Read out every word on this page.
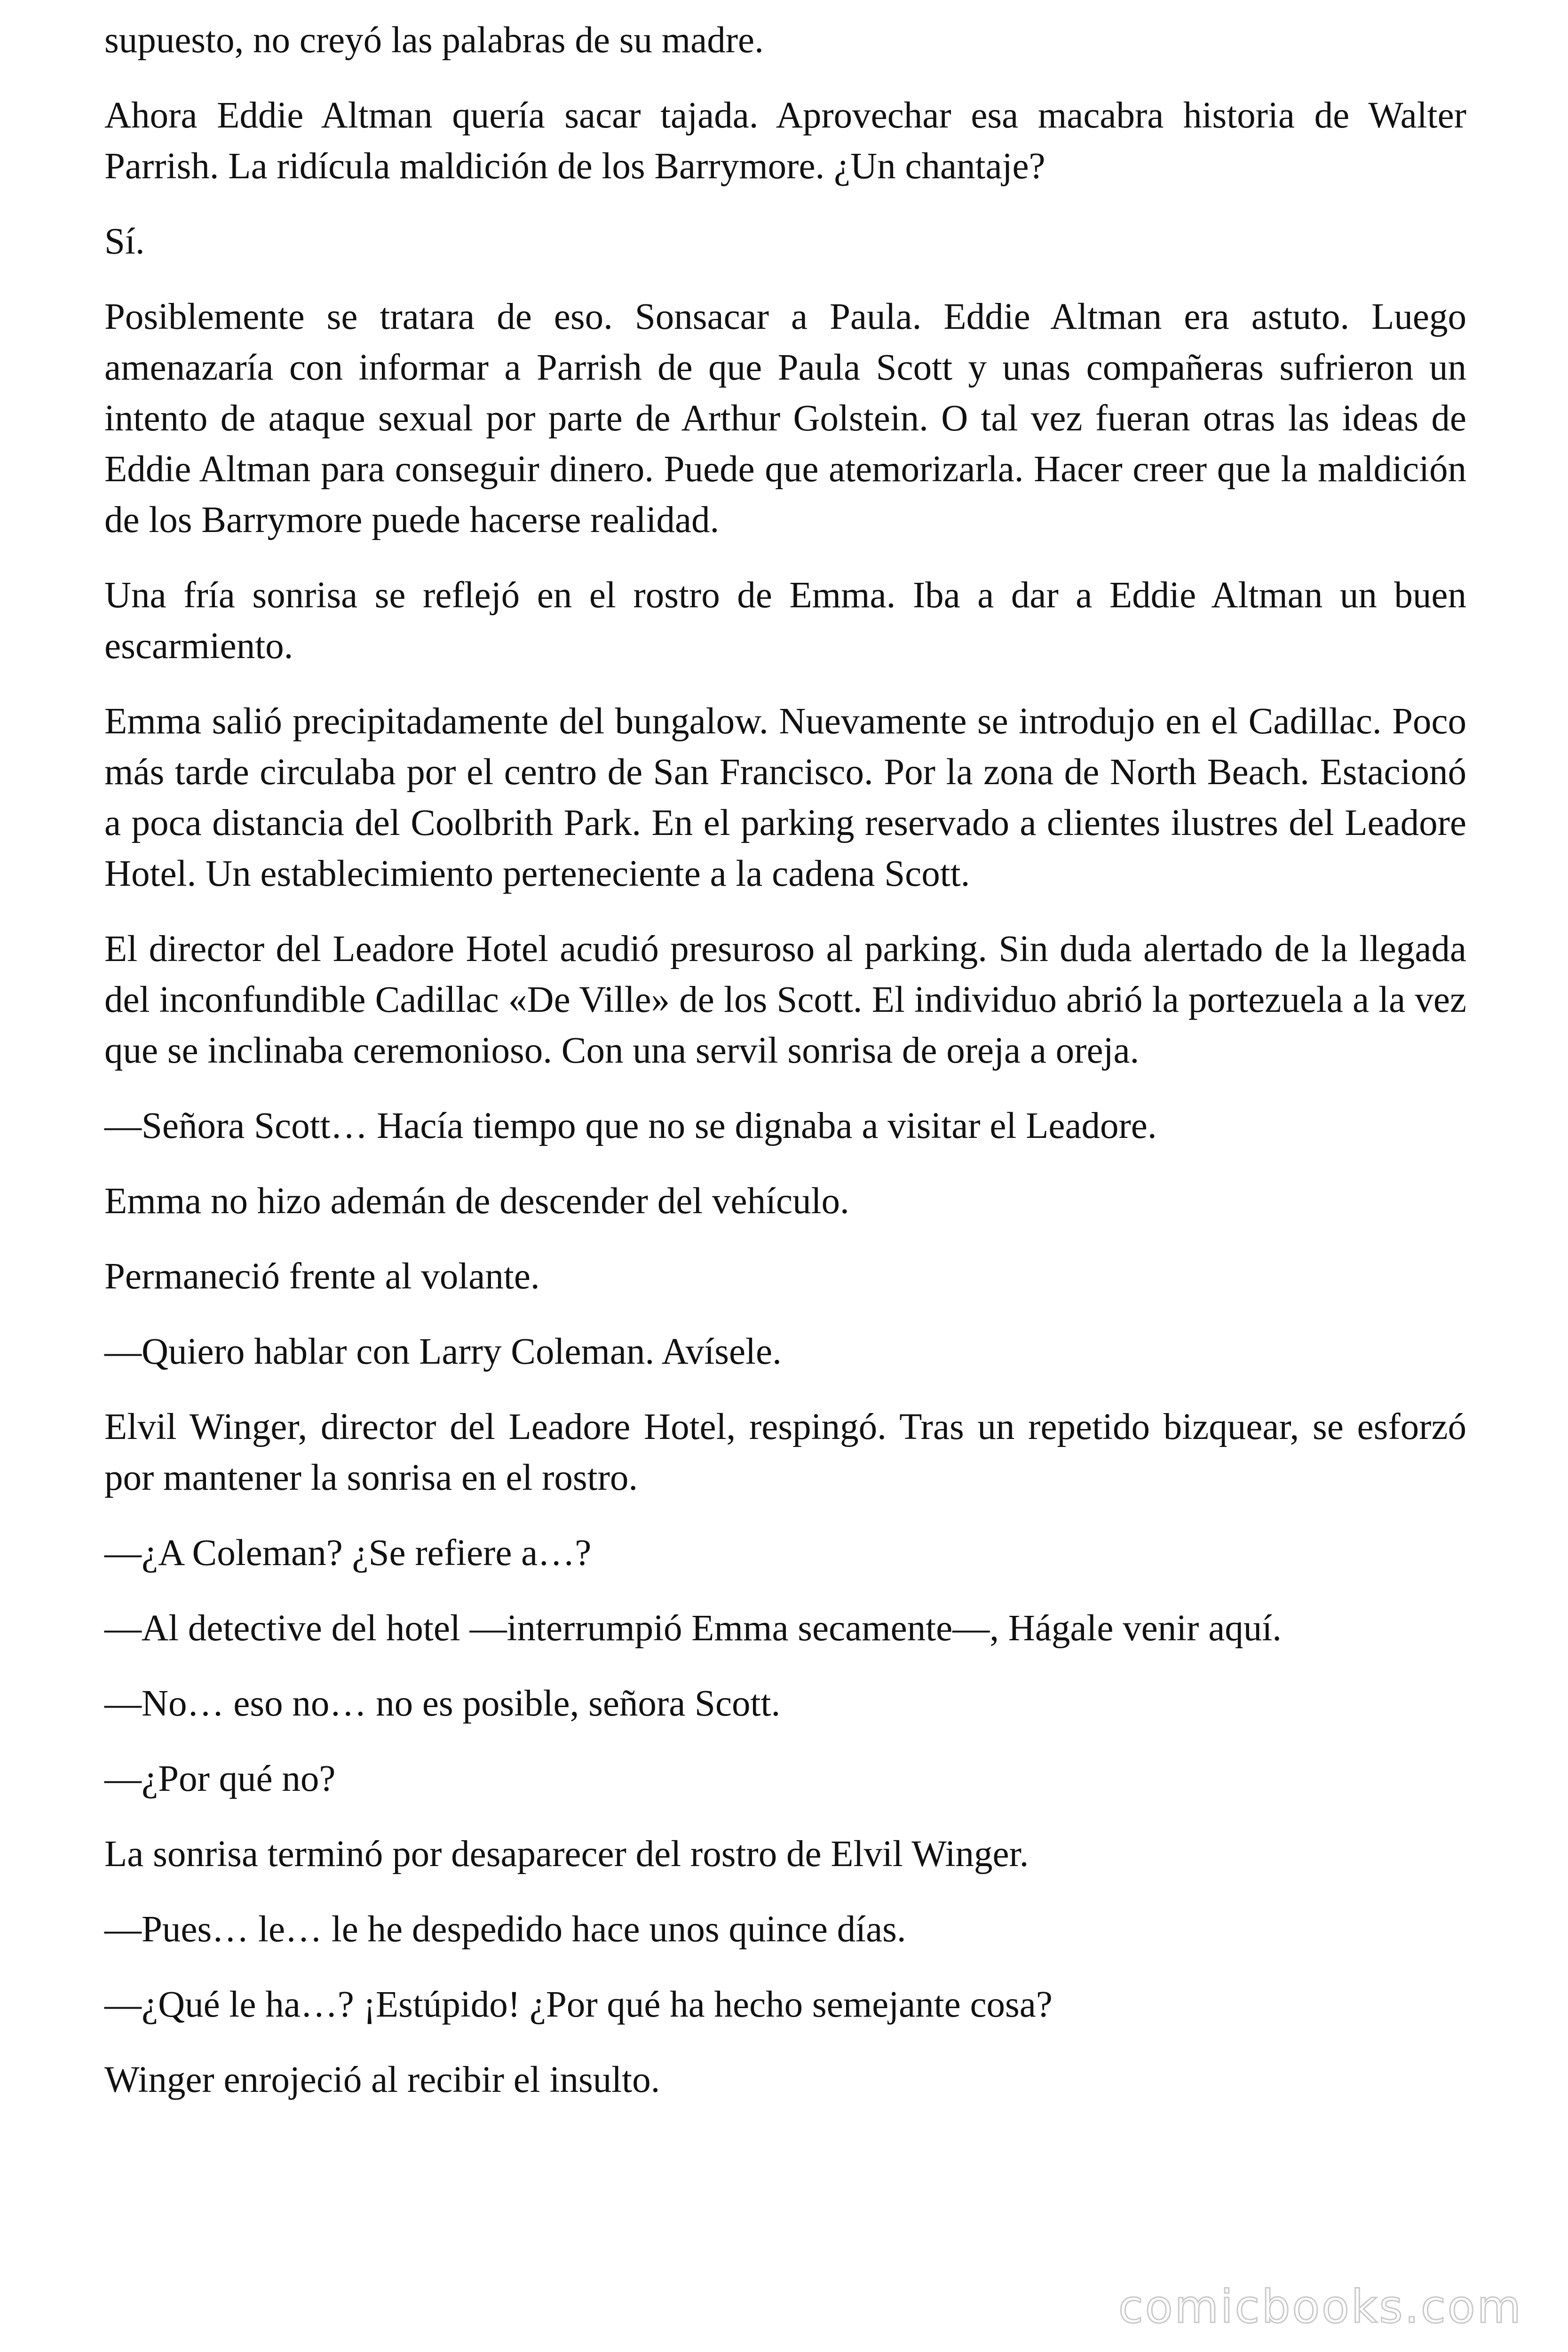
supuesto, no creyó las palabras de su madre.

Ahora Eddie Altman quería sacar tajada. Aprovechar esa macabra historia de Walter Parrish. La ridícula maldición de los Barrymore. ¿Un chantaje?

Sí.

Posiblemente se tratara de eso. Sonsacar a Paula. Eddie Altman era astuto. Luego amenazaría con informar a Parrish de que Paula Scott y unas compañeras sufrieron un intento de ataque sexual por parte de Arthur Golstein. O tal vez fueran otras las ideas de Eddie Altman para conseguir dinero. Puede que atemorizarla. Hacer creer que la maldición de los Barrymore puede hacerse realidad.

Una fría sonrisa se reflejó en el rostro de Emma. Iba a dar a Eddie Altman un buen escarmiento.

Emma salió precipitadamente del bungalow. Nuevamente se introdujo en el Cadillac. Poco más tarde circulaba por el centro de San Francisco. Por la zona de North Beach. Estacionó a poca distancia del Coolbrith Park. En el parking reservado a clientes ilustres del Leadore Hotel. Un establecimiento perteneciente a la cadena Scott.

El director del Leadore Hotel acudió presuroso al parking. Sin duda alertado de la llegada del inconfundible Cadillac «De Ville» de los Scott. El individuo abrió la portezuela a la vez que se inclinaba ceremonioso. Con una servil sonrisa de oreja a oreja.

—Señora Scott… Hacía tiempo que no se dignaba a visitar el Leadore.

Emma no hizo ademán de descender del vehículo.

Permaneció frente al volante.

—Quiero hablar con Larry Coleman. Avísele.

Elvil Winger, director del Leadore Hotel, respingó. Tras un repetido bizquear, se esforzó por mantener la sonrisa en el rostro.

—¿A Coleman? ¿Se refiere a…?

—Al detective del hotel —interrumpió Emma secamente—, Hágale venir aquí.

—No… eso no… no es posible, señora Scott.

—¿Por qué no?

La sonrisa terminó por desaparecer del rostro de Elvil Winger.

—Pues… le… le he despedido hace unos quince días.

—¿Qué le ha…? ¡Estúpido! ¿Por qué ha hecho semejante cosa?

Winger enrojeció al recibir el insulto.

comicbooks.com
